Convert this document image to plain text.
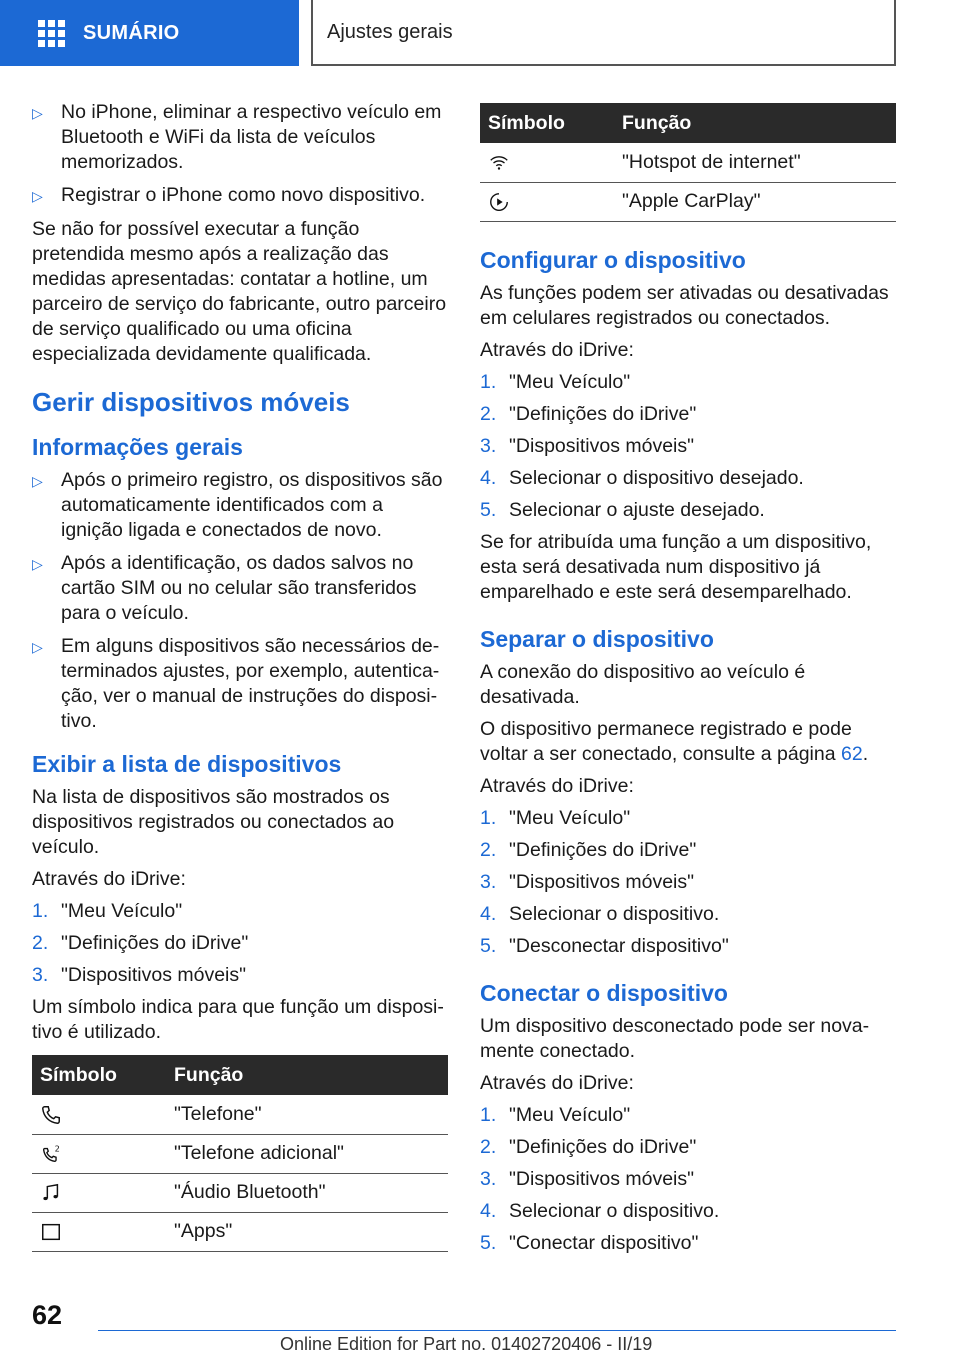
SUMÁRIO	Ajustes gerais
▷ No iPhone, eliminar a respectivo veículo em Bluetooth e WiFi da lista de veículos memorizados.
▷ Registrar o iPhone como novo dispositivo.

Se não for possível executar a função pretendida mesmo após a realização das medidas apresentadas: contatar a hotline, um parceiro de serviço do fabricante, outro parceiro de serviço qualificado ou uma oficina especializada devidamente qualificada.

Gerir dispositivos móveis
Informações gerais
▷ Após o primeiro registro, os dispositivos são automaticamente identificados com a ignição ligada e conectados de novo.
▷ Após a identificação, os dados salvos no cartão SIM ou no celular são transferidos para o veículo.
▷ Em alguns dispositivos são necessários determinados ajustes, por exemplo, autenticação, ver o manual de instruções do dispositivo.
Exibir a lista de dispositivos

Na lista de dispositivos são mostrados os dispositivos registrados ou conectados ao veículo.

Através do iDrive:

1. "Meu Veículo"
2. "Definições do iDrive"
3. "Dispositivos móveis"

Um símbolo indica para que função um dispositivo é utilizado.

Símbolo	Função
	"Telefone"

2	"Telefone adicional"
	"Áudio Bluetooth"
	"Apps"
Símbolo	Função
	"Hotspot de internet"
	"Apple CarPlay"
Configurar o dispositivo

As funções podem ser ativadas ou desativadas em celulares registrados ou conectados.

Através do iDrive:

1. "Meu Veículo"
2. "Definições do iDrive"
3. "Dispositivos móveis"
4. Selecionar o dispositivo desejado.
5. Selecionar o ajuste desejado.

Se for atribuída uma função a um dispositivo, esta será desativada num dispositivo já emparelhado e este será desemparelhado.

Separar o dispositivo

A conexão do dispositivo ao veículo é desativada.

O dispositivo permanece registrado e pode voltar a ser conectado, consulte a página 62.

Através do iDrive:

1. "Meu Veículo"
2. "Definições do iDrive"
3. "Dispositivos móveis"
4. Selecionar o dispositivo.
5. "Desconectar dispositivo"
Conectar o dispositivo

Um dispositivo desconectado pode ser novamente conectado.

Através do iDrive:

1. "Meu Veículo"
2. "Definições do iDrive"
3. "Dispositivos móveis"
4. Selecionar o dispositivo.
5. "Conectar dispositivo"
62
Online Edition for Part no. 01402720406 - II/19
